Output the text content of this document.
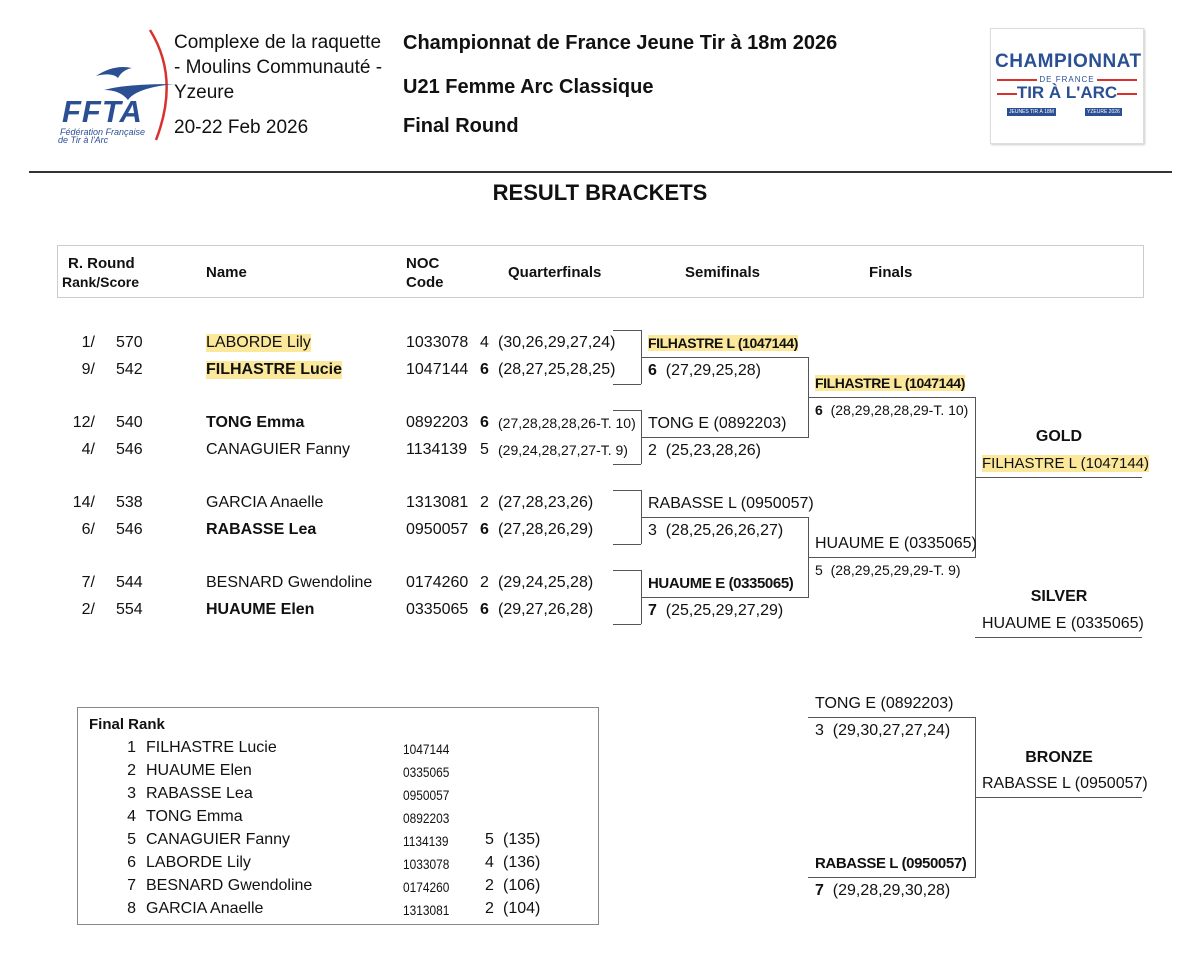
FFTA
Fédération Française
de Tir à l'Arc
Complexe de la raquette
- Moulins Communauté -
Yzeure
20-22 Feb 2026
Championnat de France Jeune Tir à 18m 2026
U21 Femme Arc Classique
Final Round
CHAMPIONNAT
DE FRANCE
TIR À L'ARC
JEUNES TIR À 18M	YZEURE 2026
RESULT BRACKETS
R. Round
Rank/Score
Name
NOC
Code
Quarterfinals	Semifinals	Finals
1/ 570	LABORDE Lily	1033078 4 (30,26,29,27,24)
9/ 542	FILHASTRE Lucie	1047144 6 (28,27,25,28,25)
12/ 540	TONG Emma	0892203 6 (27,28,28,28,26-T. 10)
4/ 546	CANAGUIER Fanny	1134139 5 (29,24,28,27,27-T. 9)
14/ 538	GARCIA Anaelle	1313081 2 (27,28,23,26)
6/ 546	RABASSE Lea	0950057 6 (27,28,26,29)
7/ 544	BESNARD Gwendoline 0174260 2 (29,24,25,28)
2/ 554	HUAUME Elen	0335065 6 (29,27,26,28)
FILHASTRE L (1047144)
6 (27,29,25,28)
TONG E (0892203)
2 (25,23,28,26)
RABASSE L (0950057)
3 (28,25,26,26,27)
HUAUME E (0335065)
7 (25,25,29,27,29)
FILHASTRE L (1047144)
6 (28,29,28,28,29-T. 10)
HUAUME E (0335065)
5 (28,29,25,29,29-T. 9)
GOLD
FILHASTRE L (1047144)
SILVER
HUAUME E (0335065)
BRONZE
RABASSE L (0950057)
TONG E (0892203)
3 (29,30,27,27,24)
RABASSE L (0950057)
7 (29,28,29,30,28)
Final Rank
1 FILHASTRE Lucie	1047144
2 HUAUME Elen	0335065
3 RABASSE Lea	0950057
4 TONG Emma	0892203
5 CANAGUIER Fanny	1134139 5 (135)
6 LABORDE Lily	1033078 4 (136)
7 BESNARD Gwendoline	0174260 2 (106)
8 GARCIA Anaelle	1313081 2 (104)
